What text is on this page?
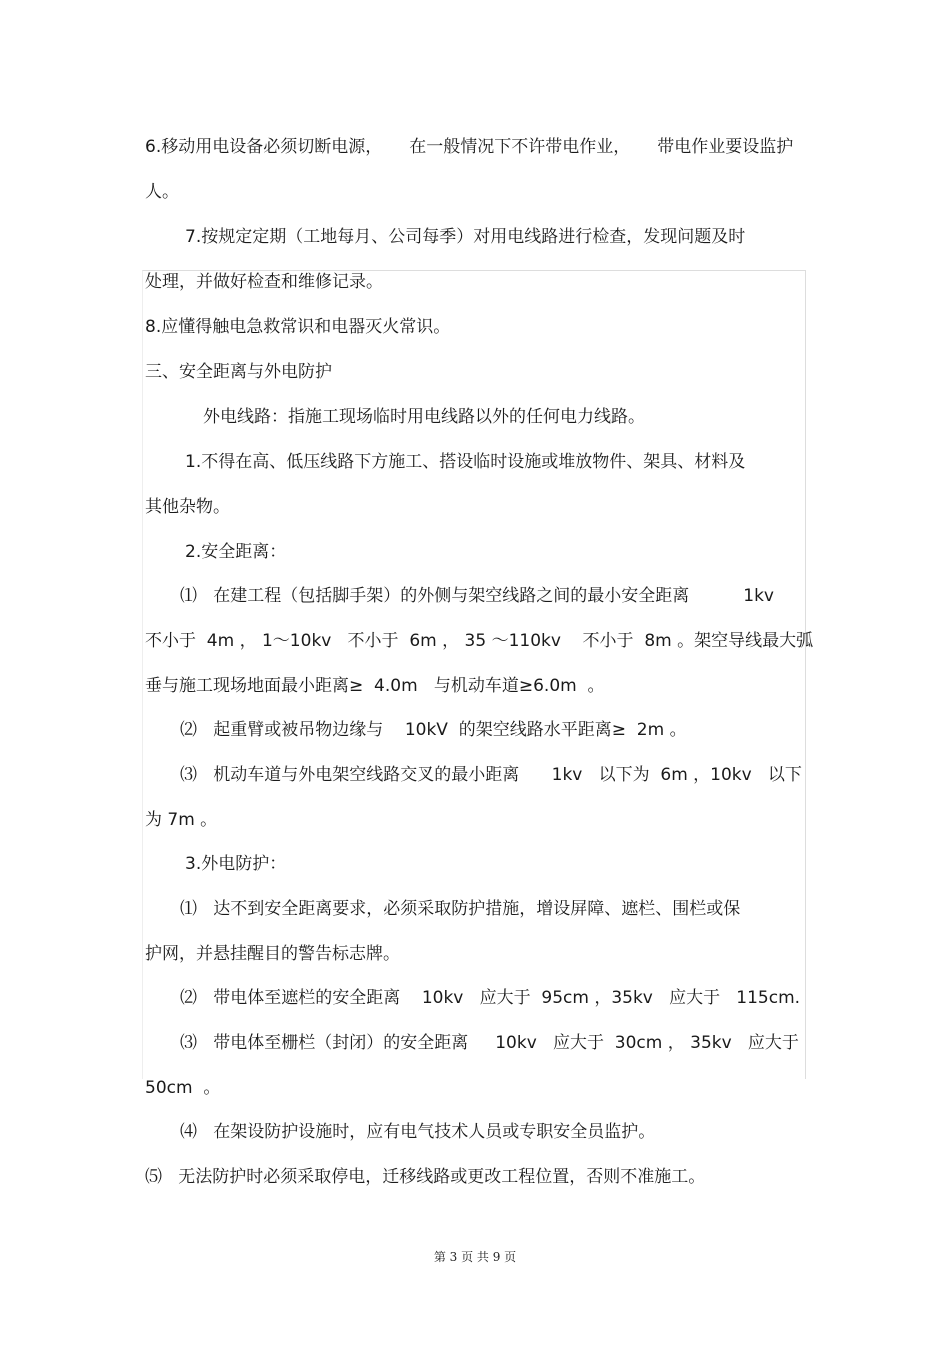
6.移动用电设备必须切断电源，     在一般情况下不许带电作业，     带电作业要设监护
人。
7.按规定定期（工地每月、公司每季）对用电线路进行检查，发现问题及时
处理，并做好检查和维修记录。
8.应懂得触电急救常识和电器灭火常识。
三、安全距离与外电防护
外电线路：指施工现场临时用电线路以外的任何电力线路。
1.不得在高、低压线路下方施工、搭设临时设施或堆放物件、架具、材料及
其他杂物。
2.安全距离：
⑴   在建工程（包括脚手架）的外侧与架空线路之间的最小安全距离          1kv
不小于  4m ， 1～10kv   不小于  6m ， 35 ～110kv    不小于  8m 。架空导线最大弧
垂与施工现场地面最小距离≥  4.0m   与机动车道≥6.0m  。
⑵   起重臂或被吊物边缘与    10kV  的架空线路水平距离≥  2m 。
⑶   机动车道与外电架空线路交叉的最小距离      1kv   以下为  6m ，10kv   以下
为 7m 。
3.外电防护：
⑴   达不到安全距离要求，必须采取防护措施，增设屏障、遮栏、围栏或保
护网，并悬挂醒目的警告标志牌。
⑵   带电体至遮栏的安全距离    10kv   应大于  95cm ，35kv   应大于   115cm.
⑶   带电体至栅栏（封闭）的安全距离     10kv   应大于  30cm ， 35kv   应大于
50cm  。
⑷   在架设防护设施时，应有电气技术人员或专职安全员监护。
⑸   无法防护时必须采取停电，迁移线路或更改工程位置，否则不准施工。
第 3 页 共 9 页
